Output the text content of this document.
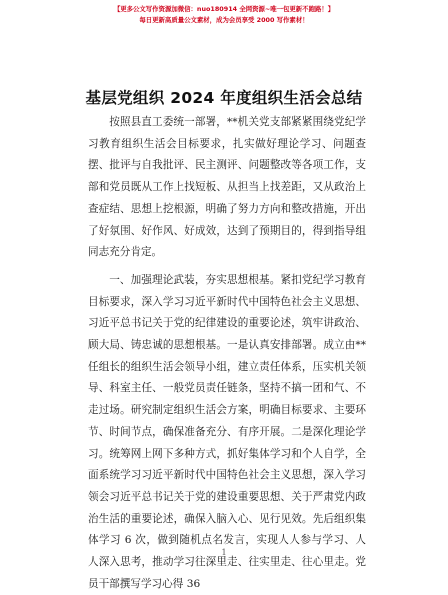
【更多公文写作资源加微信：nuo180914 全网资源~唯一包更新不跑路！】
每日更新高质量公文素材，成为会员享受 2000 写作素材！
基层党组织 2024 年度组织生活会总结

按照县直工委统一部署，**机关党支部紧紧围绕党纪学习教育组织生活会目标要求，扎实做好理论学习、问题查摆、批评与自我批评、民主测评、问题整改等各项工作，支部和党员既从工作上找短板、从担当上找差距，又从政治上查症结、思想上挖根源，明确了努力方向和整改措施，开出了好氛围、好作风、好成效，达到了预期目的，得到指导组同志充分肯定。

一、加强理论武装，夯实思想根基。紧扣党纪学习教育目标要求，深入学习习近平新时代中国特色社会主义思想、习近平总书记关于党的纪律建设的重要论述，筑牢讲政治、顾大局、铸忠诚的思想根基。一是认真安排部署。成立由**任组长的组织生活会领导小组，建立责任体系，压实机关领导、科室主任、一般党员责任链条，坚持不搞一团和气、不走过场。研究制定组织生活会方案，明确目标要求、主要环节、时间节点，确保准备充分、有序开展。二是深化理论学习。统筹网上网下多种方式，抓好集体学习和个人自学，全面系统学习习近平新时代中国特色社会主义思想，深入学习领会习近平总书记关于党的建设重要思想、关于严肃党内政治生活的重要论述，确保入脑入心、见行见效。先后组织集体学习 6 次，做到随机点名发言，实现人人参与学习、人人深入思考，推动学习往深里走、往实里走、往心里走。党员干部撰写学习心得 36

1
